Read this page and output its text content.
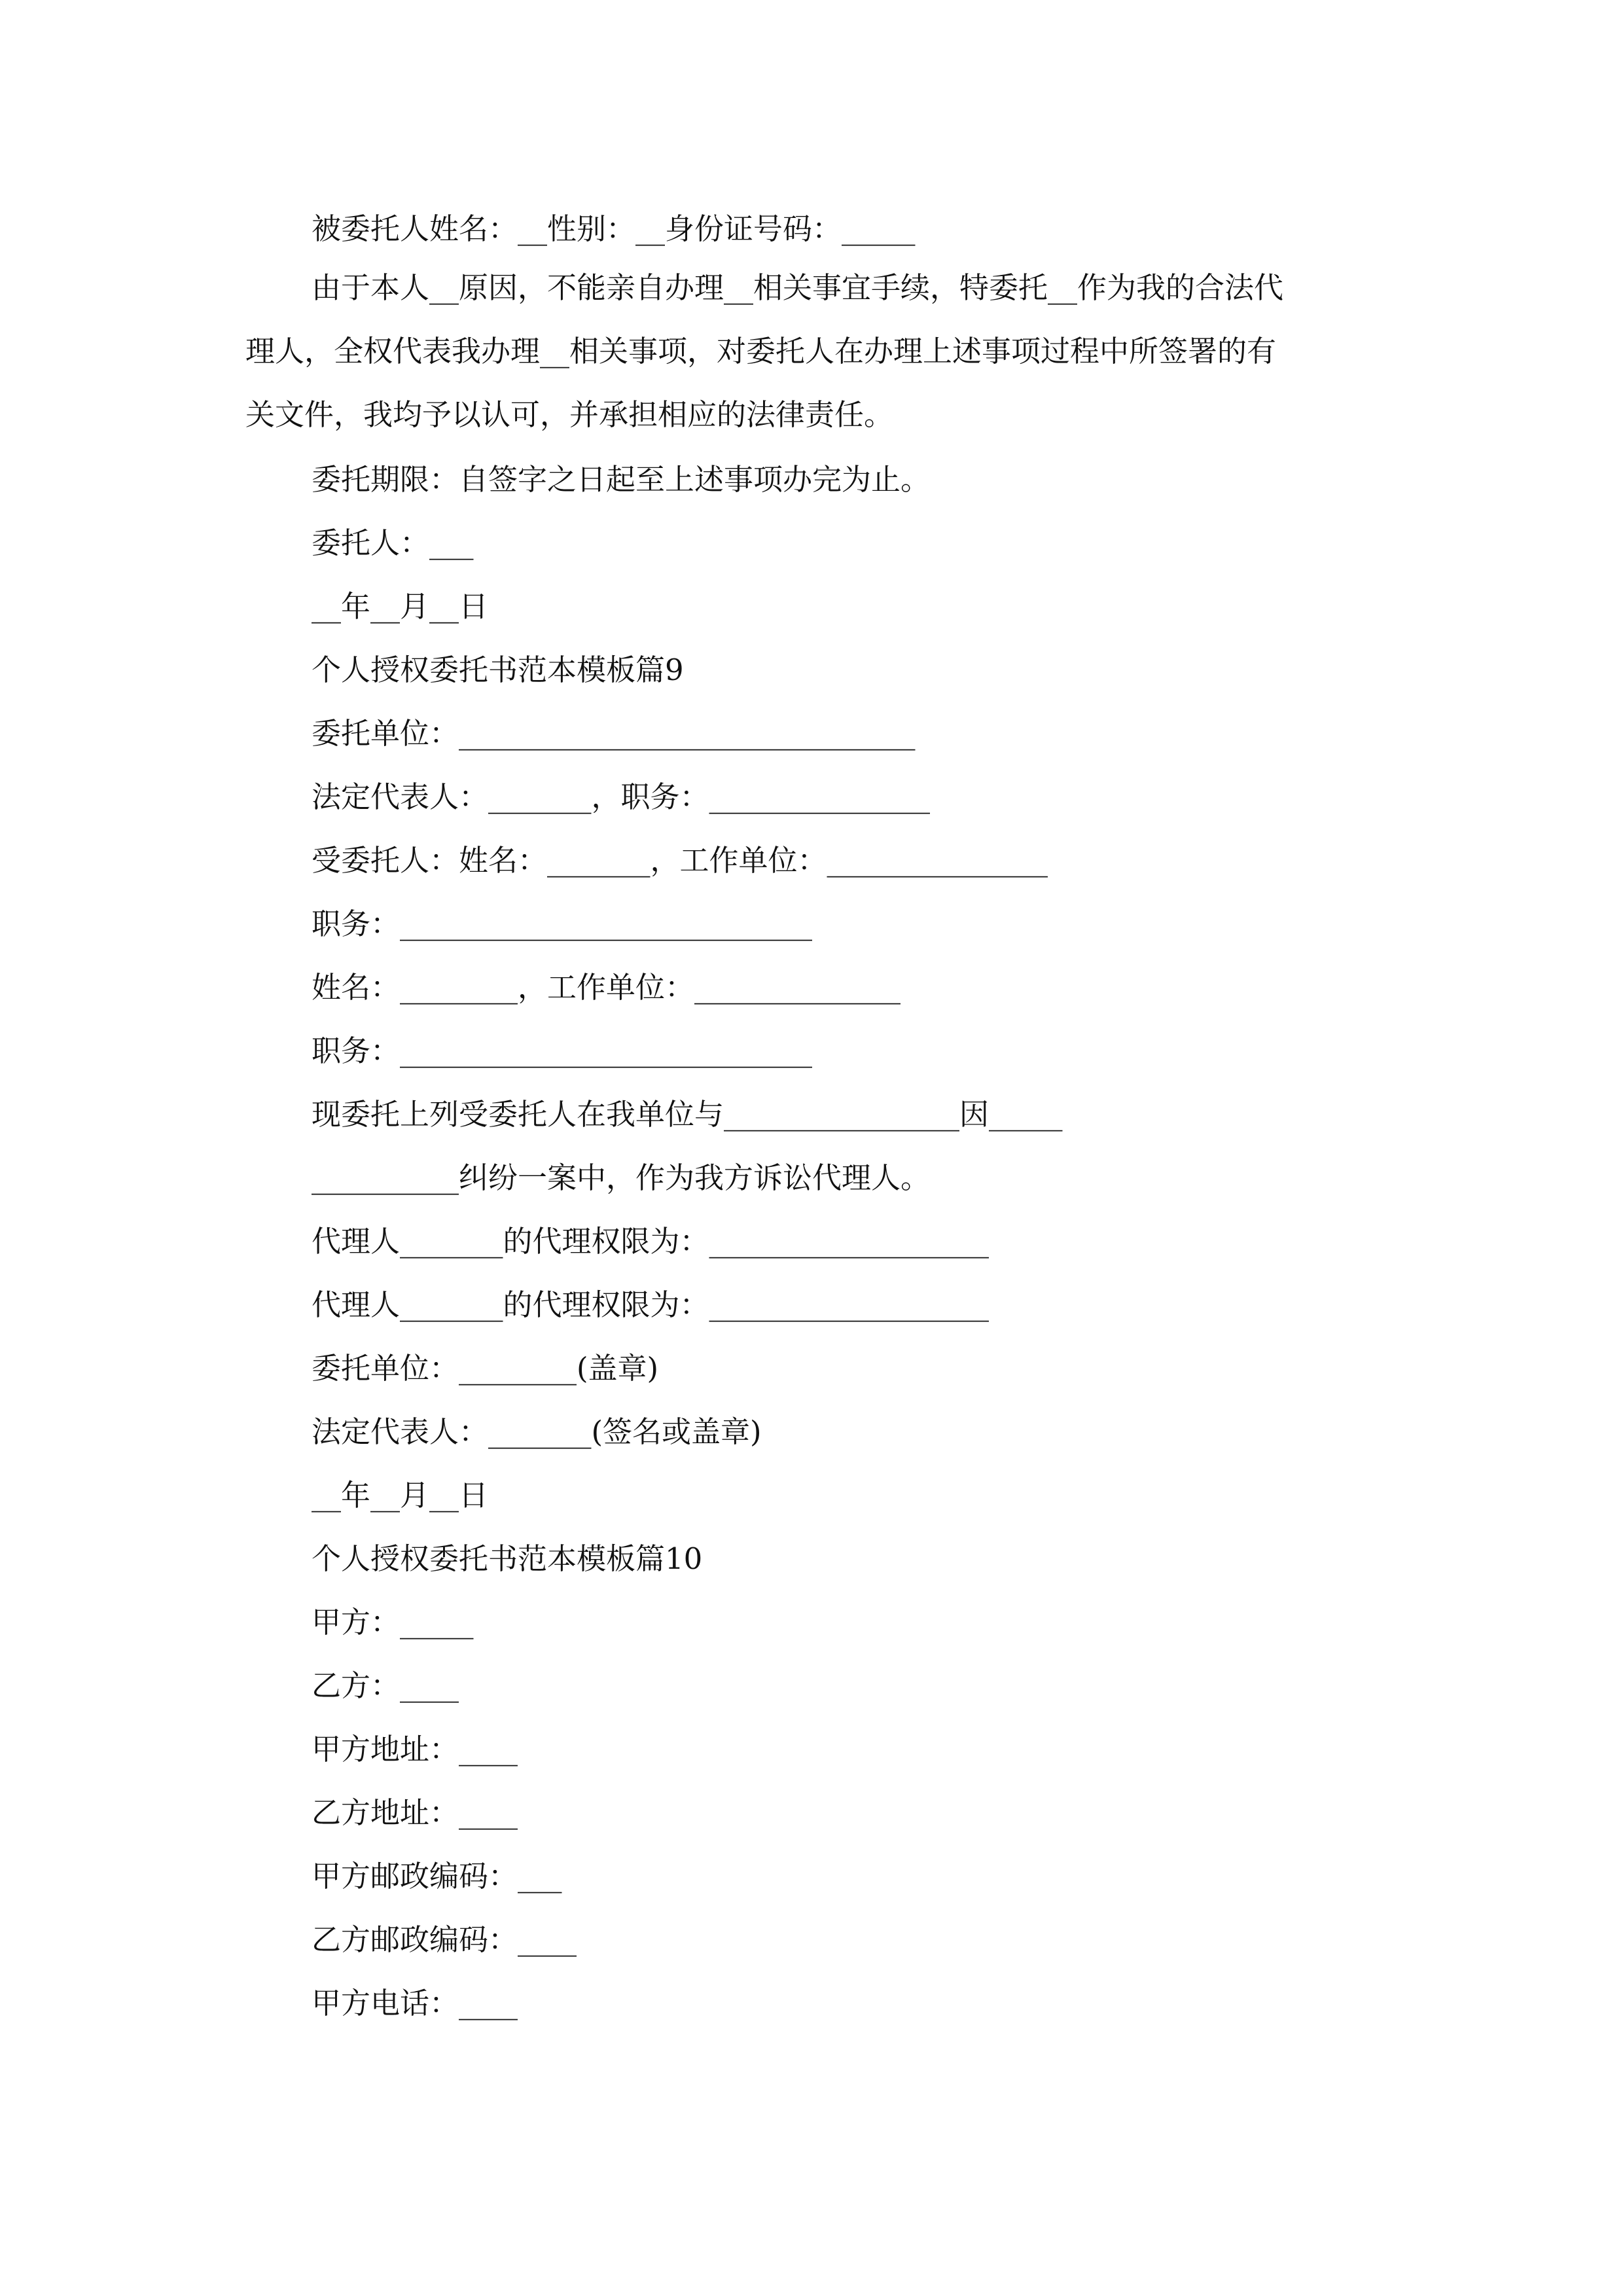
被委托人姓名：__性别：__身份证号码：_____
由于本人__原因，不能亲自办理__相关事宜手续，特委托__作为我的合法代
理人，全权代表我办理__相关事项，对委托人在办理上述事项过程中所签署的有
关文件，我均予以认可，并承担相应的法律责任。
委托期限：自签字之日起至上述事项办完为止。
委托人：___
__年__月__日
个人授权委托书范本模板篇9
委托单位：_______________________________
法定代表人：_______，职务：_______________
受委托人：姓名：_______，工作单位：_______________
职务：____________________________
姓名：________，工作单位：______________
职务：____________________________
现委托上列受委托人在我单位与________________因_____
__________纠纷一案中，作为我方诉讼代理人。
代理人_______的代理权限为：___________________
代理人_______的代理权限为：___________________
委托单位：________(盖章)
法定代表人：_______(签名或盖章)
__年__月__日
个人授权委托书范本模板篇10
甲方：_____
乙方：____
甲方地址：____
乙方地址：____
甲方邮政编码：___
乙方邮政编码：____
甲方电话：____
